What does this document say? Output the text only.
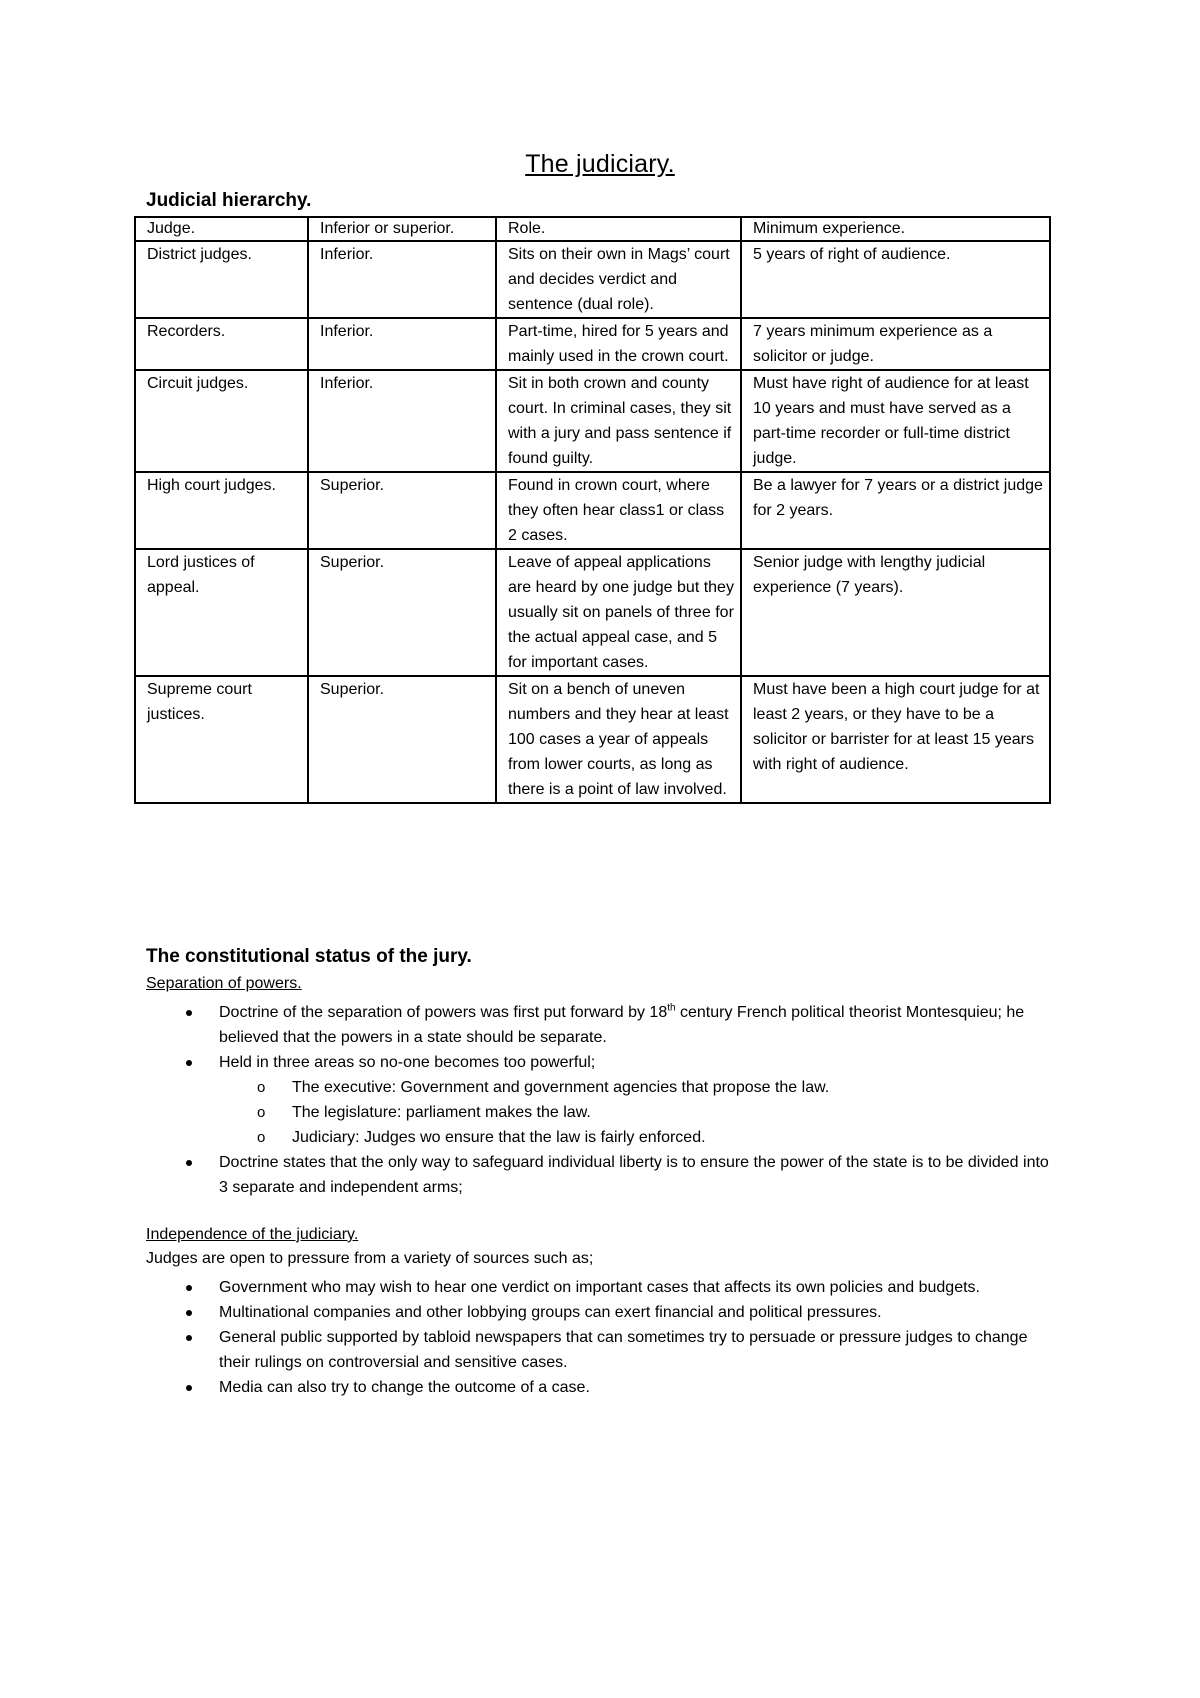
The judiciary.
Judicial hierarchy.
Judge.	Inferior or superior.	Role.	Minimum experience.
District judges.	Inferior.	Sits on their own in Mags’ court and decides verdict and sentence (dual role).	5 years of right of audience.
Recorders.	Inferior.	Part-time, hired for 5 years and mainly used in the crown court.	7 years minimum experience as a solicitor or judge.
Circuit judges.	Inferior.	Sit in both crown and county court. In criminal cases, they sit with a jury and pass sentence if found guilty.	Must have right of audience for at least 10 years and must have served as a part-time recorder or full-time district judge.
High court judges.	Superior.	Found in crown court, where they often hear class1 or class 2 cases.	Be a lawyer for 7 years or a district judge for 2 years.
Lord justices of appeal.	Superior.	Leave of appeal applications are heard by one judge but they usually sit on panels of three for the actual appeal case, and 5 for important cases.	Senior judge with lengthy judicial experience (7 years).
Supreme court justices.	Superior.	Sit on a bench of uneven numbers and they hear at least 100 cases a year of appeals from lower courts, as long as there is a point of law involved.	Must have been a high court judge for at least 2 years, or they have to be a solicitor or barrister for at least 15 years with right of audience.
The constitutional status of the jury.

Separation of powers.

Doctrine of the separation of powers was first put forward by 18th century French political theorist Montesquieu; he believed that the powers in a state should be separate.
Held in three areas so no-one becomes too powerful;
o The executive: Government and government agencies that propose the law.
o The legislature: parliament makes the law.
o Judiciary: Judges wo ensure that the law is fairly enforced.
Doctrine states that the only way to safeguard individual liberty is to ensure the power of the state is to be divided into 3 separate and independent arms;

Independence of the judiciary.

Judges are open to pressure from a variety of sources such as;

Government who may wish to hear one verdict on important cases that affects its own policies and budgets.
Multinational companies and other lobbying groups can exert financial and political pressures.
General public supported by tabloid newspapers that can sometimes try to persuade or pressure judges to change their rulings on controversial and sensitive cases.
Media can also try to change the outcome of a case.
